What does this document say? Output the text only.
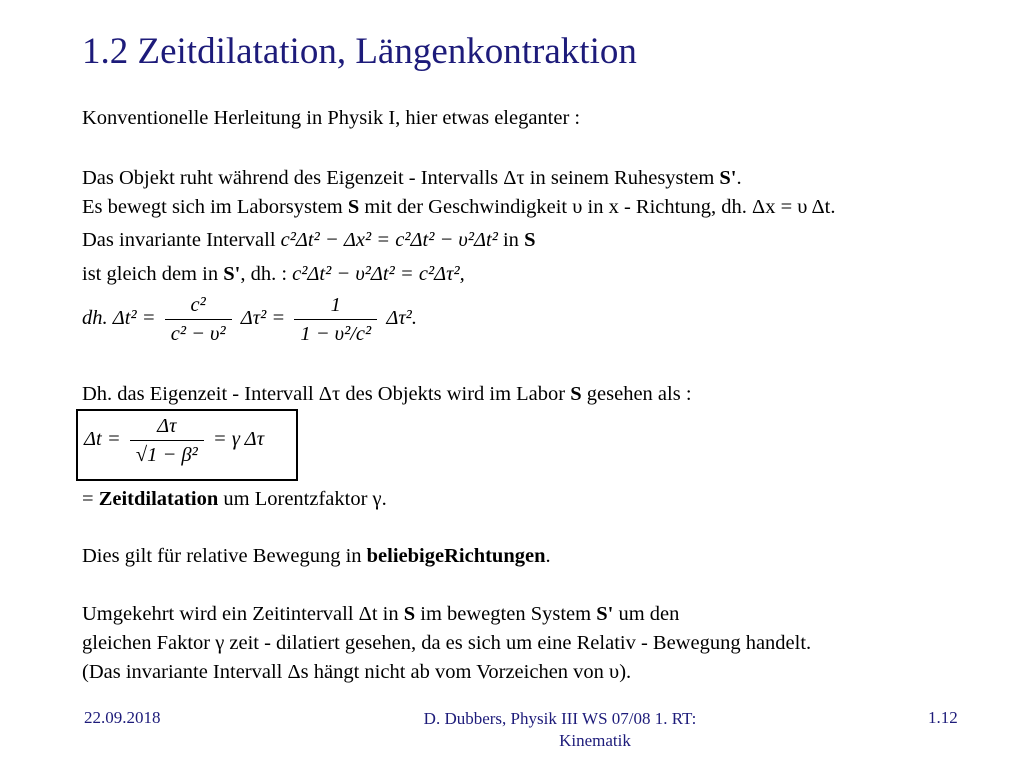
1.2 Zeitdilatation, Längenkontraktion
Konventionelle Herleitung in Physik I, hier etwas eleganter :
Das Objekt ruht während des Eigenzeit - Intervalls Δτ in seinem Ruhesystem S'.
Es bewegt sich im Laborsystem S mit der Geschwindigkeit υ in x - Richtung, dh. Δx = υ Δt.
Das invariante Intervall c²Δt² − Δx² = c²Δt² − υ²Δt² in S
ist gleich dem in S', dh. : c²Δt² − υ²Δt² = c²Δτ²,
dh. $\Delta t^2 = \frac{\text{c²}}{\text{c² − υ²}} \Delta\tau^2 = \frac{1}{\text{1 − υ²/c²}} \Delta\tau^2$.
Dh. das Eigenzeit - Intervall Δτ des Objekts wird im Labor S gesehen als :
$\Delta t = \frac{\Delta\tau}{\text{√1 − β²}} = \gamma$ Δτ
= Zeitdilatation um Lorentzfaktor γ.
Dies gilt für relative Bewegung in beliebigeRichtungen.
Umgekehrt wird ein Zeitintervall Δt in S im bewegten System S' um den
gleichen Faktor γ zeit - dilatiert gesehen, da es sich um eine Relativ - Bewegung handelt.
(Das invariante Intervall Δs hängt nicht ab vom Vorzeichen von υ).
22.09.2018	D. Dubbers, Physik III WS 07/08 1. RT:
Kinematik
1.12
